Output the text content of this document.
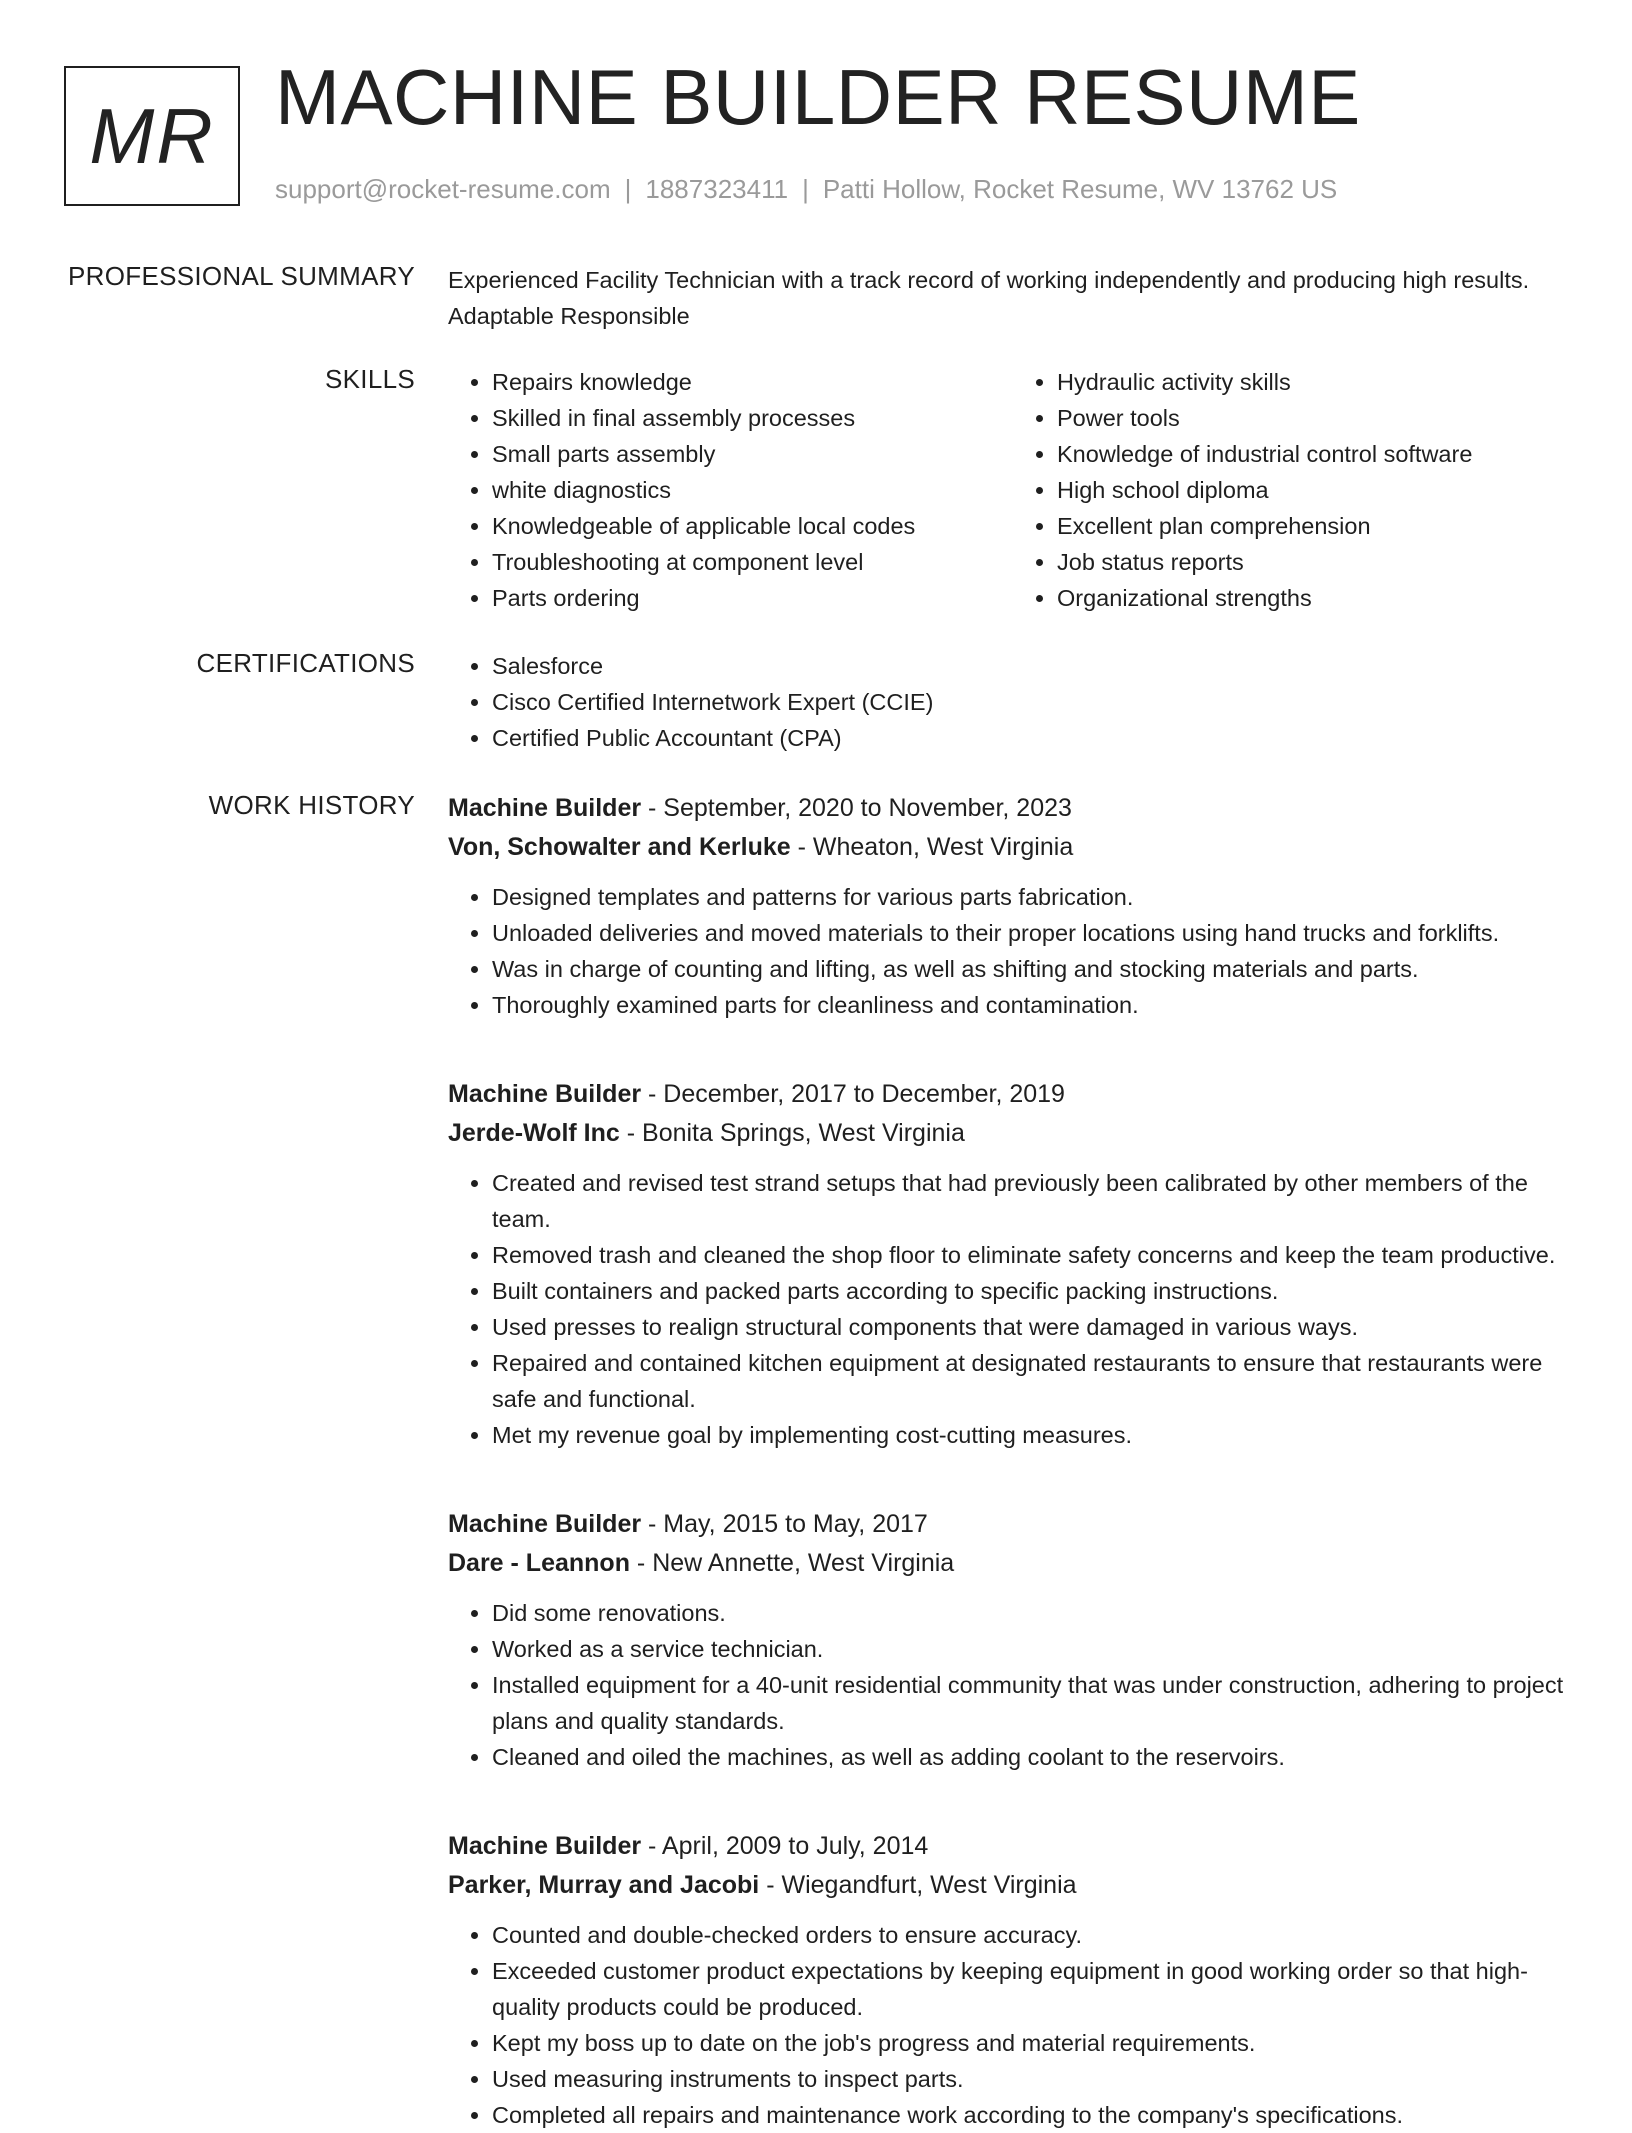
MR MACHINE BUILDER RESUME
support@rocket-resume.com | 1887323411 | Patti Hollow, Rocket Resume, WV 13762 US
PROFESSIONAL SUMMARY Experienced Facility Technician with a track record of working independently and producing high results. Adaptable Responsible
SKILLS	• Repairs knowledge
• Skilled in final assembly processes
• Small parts assembly
• white diagnostics
• Knowledgeable of applicable local codes
• Troubleshooting at component level
• Parts ordering
• Hydraulic activity skills
• Power tools
• Knowledge of industrial control software
• High school diploma
• Excellent plan comprehension
• Job status reports
• Organizational strengths
CERTIFICATIONS	• Salesforce
• Cisco Certified Internetwork Expert (CCIE)
• Certified Public Accountant (CPA)
WORK HISTORY Machine Builder - September, 2020 to November, 2023
Von, Schowalter and Kerluke - Wheaton, West Virginia
• Designed templates and patterns for various parts fabrication.
• Unloaded deliveries and moved materials to their proper locations using hand trucks and forklifts.
• Was in charge of counting and lifting, as well as shifting and stocking materials and parts.
• Thoroughly examined parts for cleanliness and contamination.
Machine Builder - December, 2017 to December, 2019
Jerde-Wolf Inc - Bonita Springs, West Virginia
• Created and revised test strand setups that had previously been calibrated by other members of the team.
• Removed trash and cleaned the shop floor to eliminate safety concerns and keep the team productive.
• Built containers and packed parts according to specific packing instructions.
• Used presses to realign structural components that were damaged in various ways.
• Repaired and contained kitchen equipment at designated restaurants to ensure that restaurants were safe and functional.
• Met my revenue goal by implementing cost-cutting measures.
Machine Builder - May, 2015 to May, 2017
Dare - Leannon - New Annette, West Virginia
• Did some renovations.
• Worked as a service technician.
• Installed equipment for a 40-unit residential community that was under construction, adhering to project plans and quality standards.
• Cleaned and oiled the machines, as well as adding coolant to the reservoirs.
Machine Builder - April, 2009 to July, 2014
Parker, Murray and Jacobi - Wiegandfurt, West Virginia
• Counted and double-checked orders to ensure accuracy.
• Exceeded customer product expectations by keeping equipment in good working order so that high-quality products could be produced.
• Kept my boss up to date on the job's progress and material requirements.
• Used measuring instruments to inspect parts.
• Completed all repairs and maintenance work according to the company's specifications.
